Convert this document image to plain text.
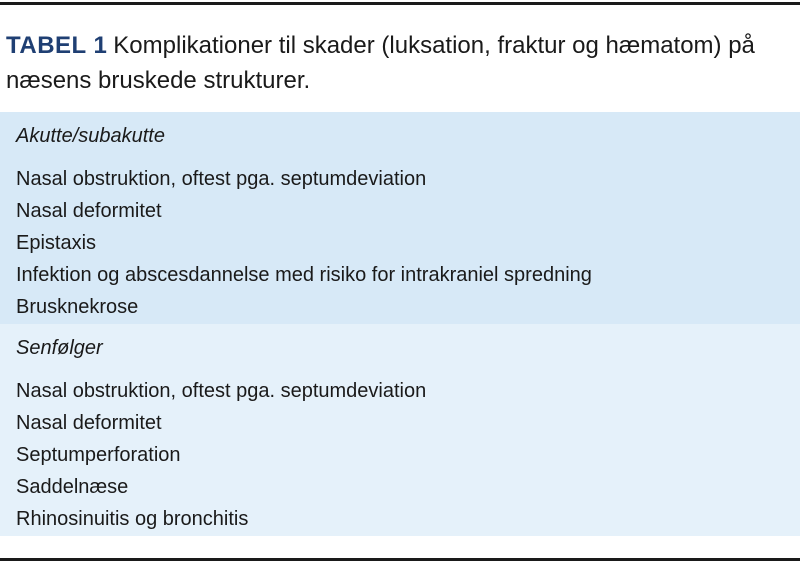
TABEL 1 Komplikationer til skader (luksation, fraktur og hæmatom) på næsens bruskede strukturer.
Akutte/subakutte
Nasal obstruktion, oftest pga. septumdeviation
Nasal deformitet
Epistaxis
Infektion og abscesdannelse med risiko for intrakraniel spredning
Brusknekrose
Senfølger
Nasal obstruktion, oftest pga. septumdeviation
Nasal deformitet
Septumperforation
Saddelnæse
Rhinosinuitis og bronchitis
